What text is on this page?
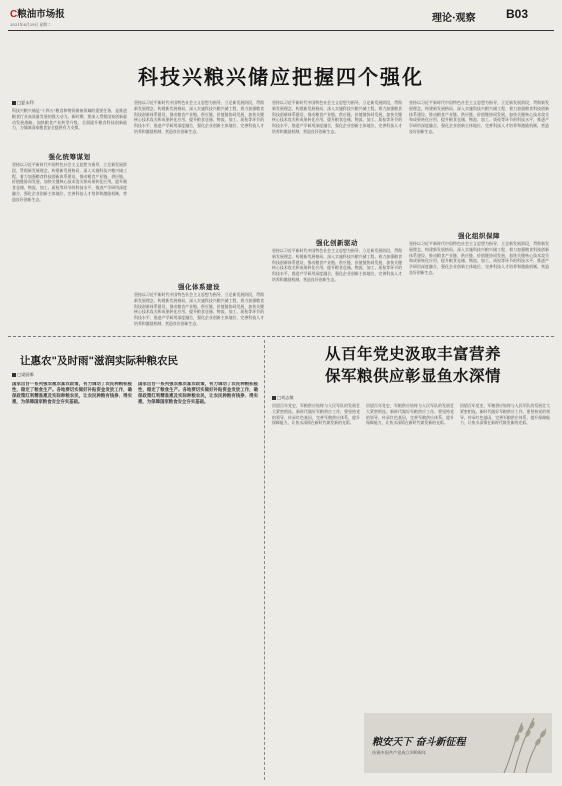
C粮油市场报
2021年6月29日 星期二
理论·观察	B03
科技兴粮兴储应把握四个强化
□夏永利
科技兴粮兴储是"十四五"粮食和物资储备领域的重要任务，是推进粮食行业高质量发展的强大动力。新时期，要深入贯彻国家创新驱动发展战略，加快粮食产业转型升级，全面提升粮食科技创新能力，为保障国家粮食安全提供有力支撑。
强化统筹谋划
坚持以习近平新时代中国特色社会主义思想为指导，立足新发展阶段，贯彻新发展理念，构建新发展格局，深入实施科技兴粮兴储工程，着力加强粮食科技创新体系建设，推动粮食产业链、供应链、价值链协同发展，加快关键核心技术攻关和成果转化应用，提升粮食仓储、物流、加工、质检等环节的科技水平，推进产学研用深度融合，强化企业创新主体地位，完善科技人才培养和激励机制，营造良好创新生态。
坚持以习近平新时代中国特色社会主义思想为指导，立足新发展阶段，贯彻新发展理念，构建新发展格局，深入实施科技兴粮兴储工程，着力加强粮食科技创新体系建设，推动粮食产业链、供应链、价值链协同发展，加快关键核心技术攻关和成果转化应用，提升粮食仓储、物流、加工、质检等环节的科技水平，推进产学研用深度融合，强化企业创新主体地位，完善科技人才培养和激励机制，营造良好创新生态。
强化体系建设
坚持以习近平新时代中国特色社会主义思想为指导，立足新发展阶段，贯彻新发展理念，构建新发展格局，深入实施科技兴粮兴储工程，着力加强粮食科技创新体系建设，推动粮食产业链、供应链、价值链协同发展，加快关键核心技术攻关和成果转化应用，提升粮食仓储、物流、加工、质检等环节的科技水平，推进产学研用深度融合，强化企业创新主体地位，完善科技人才培养和激励机制，营造良好创新生态。
坚持以习近平新时代中国特色社会主义思想为指导，立足新发展阶段，贯彻新发展理念，构建新发展格局，深入实施科技兴粮兴储工程，着力加强粮食科技创新体系建设，推动粮食产业链、供应链、价值链协同发展，加快关键核心技术攻关和成果转化应用，提升粮食仓储、物流、加工、质检等环节的科技水平，推进产学研用深度融合，强化企业创新主体地位，完善科技人才培养和激励机制，营造良好创新生态。
强化创新驱动
坚持以习近平新时代中国特色社会主义思想为指导，立足新发展阶段，贯彻新发展理念，构建新发展格局，深入实施科技兴粮兴储工程，着力加强粮食科技创新体系建设，推动粮食产业链、供应链、价值链协同发展，加快关键核心技术攻关和成果转化应用，提升粮食仓储、物流、加工、质检等环节的科技水平，推进产学研用深度融合，强化企业创新主体地位，完善科技人才培养和激励机制，营造良好创新生态。
坚持以习近平新时代中国特色社会主义思想为指导，立足新发展阶段，贯彻新发展理念，构建新发展格局，深入实施科技兴粮兴储工程，着力加强粮食科技创新体系建设，推动粮食产业链、供应链、价值链协同发展，加快关键核心技术攻关和成果转化应用，提升粮食仓储、物流、加工、质检等环节的科技水平，推进产学研用深度融合，强化企业创新主体地位，完善科技人才培养和激励机制，营造良好创新生态。
强化组织保障
坚持以习近平新时代中国特色社会主义思想为指导，立足新发展阶段，贯彻新发展理念，构建新发展格局，深入实施科技兴粮兴储工程，着力加强粮食科技创新体系建设，推动粮食产业链、供应链、价值链协同发展，加快关键核心技术攻关和成果转化应用，提升粮食仓储、物流、加工、质检等环节的科技水平，推进产学研用深度融合，强化企业创新主体地位，完善科技人才培养和激励机制，营造良好创新生态。
让惠农"及时雨"滋润实际种粮农民
□梁丽娜
国家出台一系列强农惠农富农政策，有力调动了农民种粮积极性，稳定了粮食生产。各地要切实做好补贴资金发放工作，确保政策红利精准惠及实际种粮农民，让农民种粮有钱挣、得实惠，为保障国家粮食安全夯实基础。
国家出台一系列强农惠农富农政策，有力调动了农民种粮积极性，稳定了粮食生产。各地要切实做好补贴资金发放工作，确保政策红利精准惠及实际种粮农民，让农民种粮有钱挣、得实惠，为保障国家粮食安全夯实基础。
从百年党史汲取丰富营养
保军粮供应彰显鱼水深情
□刘志敏
回望百年党史，军粮供应始终与人民军队的发展壮大紧密相连。新时代做好军粮供应工作，要坚持党的领导，传承红色基因，完善军粮供应体系，提升保障能力，让鱼水深情在新时代焕发新的光彩。
回望百年党史，军粮供应始终与人民军队的发展壮大紧密相连。新时代做好军粮供应工作，要坚持党的领导，传承红色基因，完善军粮供应体系，提升保障能力，让鱼水深情在新时代焕发新的光彩。
回望百年党史，军粮供应始终与人民军队的发展壮大紧密相连。新时代做好军粮供应工作，要坚持党的领导，传承红色基因，完善军粮供应体系，提升保障能力，让鱼水深情在新时代焕发新的光彩。
粮安天下 奋斗新征程
庆祝中国共产党成立100周年
